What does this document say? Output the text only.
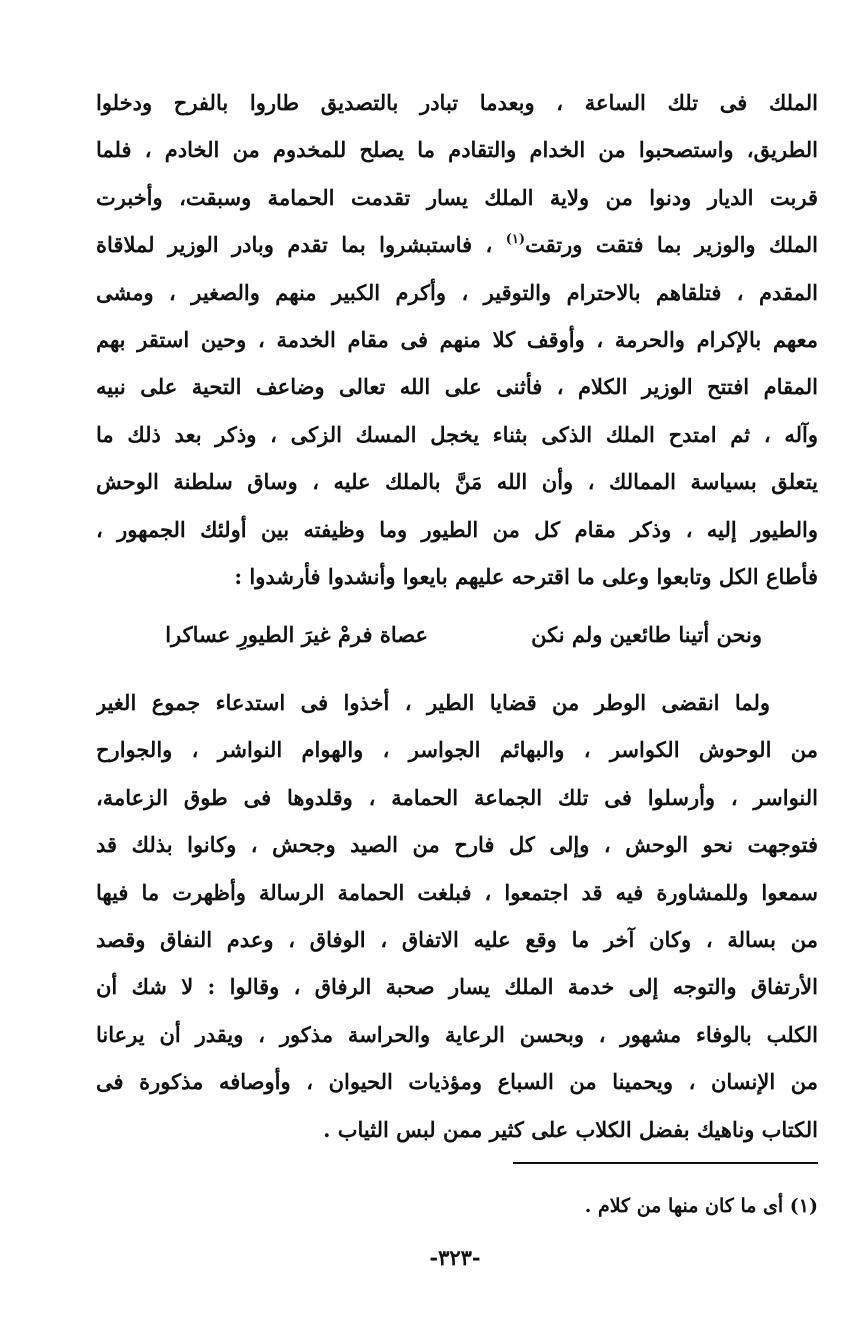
الملك فى تلك الساعة ، وبعدما تبادر بالتصديق طاروا بالفرح ودخلوا
الطريق، واستصحبوا من الخدام والتقادم ما يصلح للمخدوم من الخادم ، فلما
قربت الديار ودنوا من ولاية الملك يسار تقدمت الحمامة وسبقت، وأخبرت
الملك والوزير بما فتقت ورتقت$^{(١)}$ ، فاستبشروا بما تقدم وبادر الوزير لملاقاة
المقدم ، فتلقاهم بالاحترام والتوقير ، وأكرم الكبير منهم والصغير ، ومشى
معهم بالإكرام والحرمة ، وأوقف كلا منهم فى مقام الخدمة ، وحين استقر بهم
المقام افتتح الوزير الكلام ، فأثنى على الله تعالى وضاعف التحية على نبيه
وآله ، ثم امتدح الملك الذكى بثناء يخجل المسك الزكى ، وذكر بعد ذلك ما
يتعلق بسياسة الممالك ، وأن الله مَنَّ بالملك عليه ، وساق سلطنة الوحش
والطيور إليه ، وذكر مقام كل من الطيور وما وظيفته بين أولئك الجمهور ،
فأطاع الكل وتابعوا وعلى ما اقترحه عليهم بايعوا وأنشدوا فأرشدوا :
ونحن أتينا طائعين ولم نكن
عصاة فرمْ غيرَ الطيورِ عساكرا
ولما انقضى الوطر من قضايا الطير ، أخذوا فى استدعاء جموع الغير
من الوحوش الكواسر ، والبهائم الجواسر ، والهوام النواشر ، والجوارح
النواسر ، وأرسلوا فى تلك الجماعة الحمامة ، وقلدوها فى طوق الزعامة،
فتوجهت نحو الوحش ، وإلى كل فارح من الصيد وجحش ، وكانوا بذلك قد
سمعوا وللمشاورة فيه قد اجتمعوا ، فبلغت الحمامة الرسالة وأظهرت ما فيها
من بسالة ، وكان آخر ما وقع عليه الاتفاق ، الوفاق ، وعدم النفاق وقصد
الأرتفاق والتوجه إلى خدمة الملك يسار صحبة الرفاق ، وقالوا : لا شك أن
الكلب بالوفاء مشهور ، وبحسن الرعاية والحراسة مذكور ، ويقدر أن يرعانا
من الإنسان ، ويحمينا من السباع ومؤذيات الحيوان ، وأوصافه مذكورة فى
الكتاب وناهيك بفضل الكلاب على كثير ممن لبس الثياب .
(١) أى ما كان منها من كلام .
-٣٢٣-
